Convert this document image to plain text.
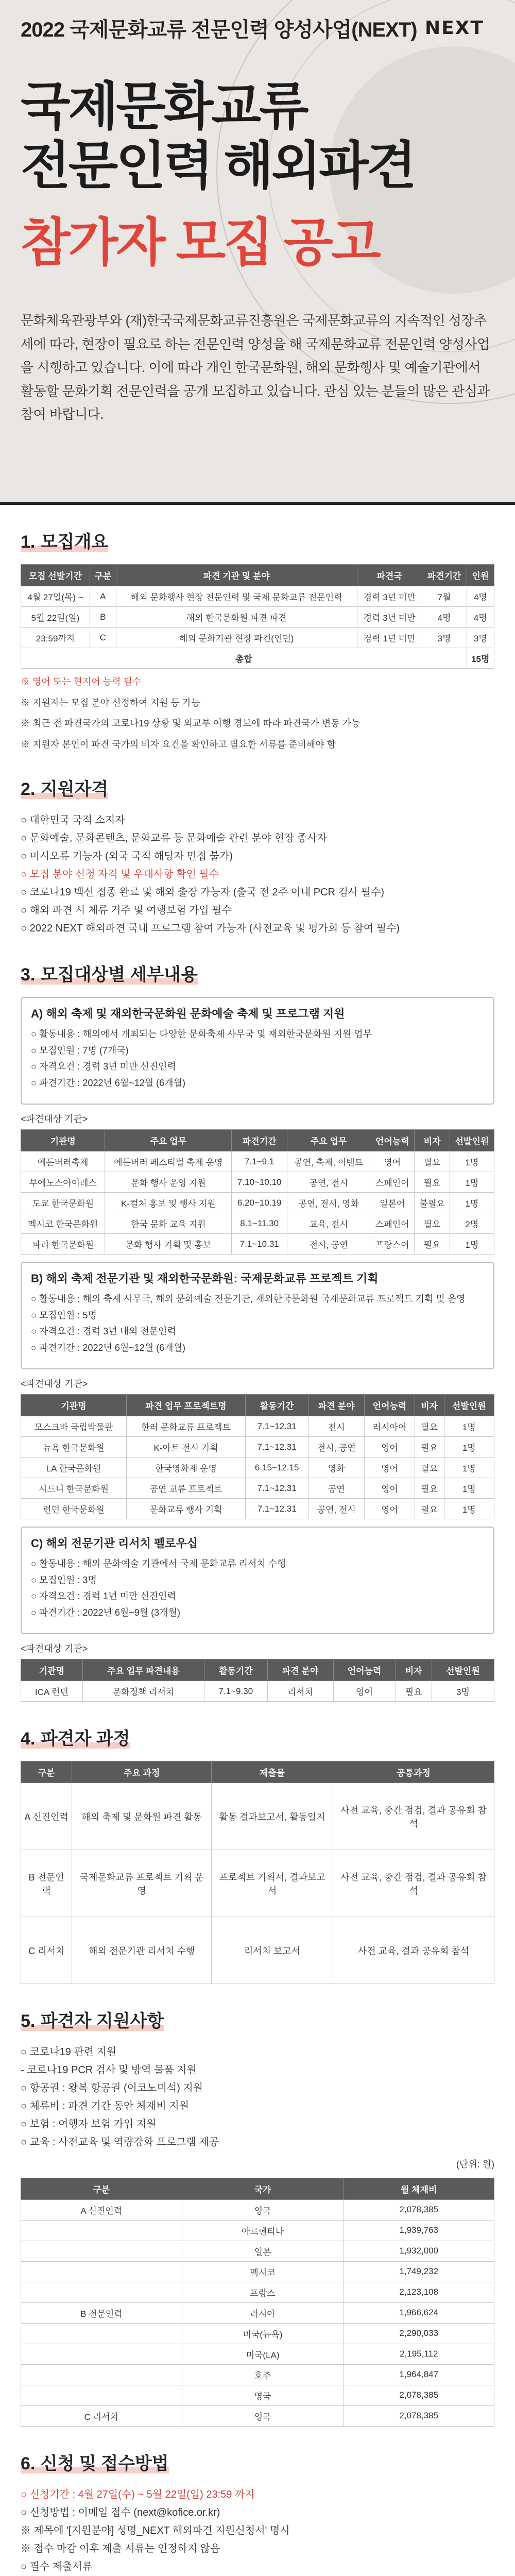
2022 국제문화교류 전문인력 양성사업(NEXT) NEXT
국제문화교류
전문인력 해외파견
참가자 모집 공고
문화체육관광부와 (재)한국국제문화교류진흥원은 국제문화교류의 지속적인 성장추세에 따라, 현장이 필요로 하는 전문인력 양성을 해 국제문화교류 전문인력 양성사업을 시행하고 있습니다. 이에 따라 개인 한국문화원, 해외 문화행사 및 예술기관에서 활동할 문화기획 전문인력을 공개 모집하고 있습니다. 관심 있는 분들의 많은 관심과 참여 바랍니다.
1. 모집개요
모집 선발기간	구분	파견 기관 및 분야	파견국	파견기간	인원
4월 27일(목) ~	A	해외 문화행사 현장 전문인력 및 국제 문화교류 전문인력	경력 3년 미만	7월	4명
5월 22일(일)	B	해외 한국문화원 파견 파견	경력 3년 미만	4명	4명
23:59까지	C	해외 문화기관 현장 파견(인턴)	경력 1년 미만	3명	3명
총합					15명
※ 영어 또는 현지어 능력 필수
※ 지원자는 모집 분야 선정하여 지원 등 가능
※ 최근 전 파견국가의 코로나19 상황 및 외교부 여행 경보에 따라 파견국가 변동 가능
※ 지원자 본인이 파견 국가의 비자 요건을 확인하고 필요한 서류를 준비해야 함
2. 지원자격
○ 대한민국 국적 소지자
○ 문화예술, 문화콘텐츠, 문화교류 등 문화예술 관련 분야 현장 종사자
○ 미시오류 기능자 (외국 국적 해당자 면접 불가)
○ 모집 분야 신청 자격 및 우대사항 확인 필수
○ 코로나19 백신 접종 완료 및 해외 출장 가능자 (출국 전 2주 이내 PCR 검사 필수)
○ 해외 파견 시 체류 거주 및 여행보험 가입 필수
○ 2022 NEXT 해외파견 국내 프로그램 참여 가능자 (사전교육 및 평가회 등 참여 필수)
3. 모집대상별 세부내용
A) 해외 축제 및 재외한국문화원 문화예술 축제 및 프로그램 지원
○ 활동내용 : 해외에서 개최되는 다양한 문화축제 사무국 및 재외한국문화원 지원 업무
○ 모집인원 : 7명 (7개국)
○ 자격요건 : 경력 3년 미만 신진인력
○ 파견기간 : 2022년 6월~12월 (6개월)
<파견대상 기관>
기관명	주요 업무	파견기간	주요 업무	언어능력	비자	선발인원
에든버러축제	에든버러 페스티벌 축제 운영	7.1~9.1	공연, 축제, 이벤트	영어	필요	1명
부에노스아이레스	문화 행사 운영 지원	7.10~10.10	공연, 전시	스페인어	필요	1명
도쿄 한국문화원	K-컬처 홍보 및 행사 지원	6.20~10.19	공연, 전시, 영화	일본어	불필요	1명
멕시코 한국문화원	한국 문화 교육 지원	8.1~11.30	교육, 전시	스페인어	필요	2명
파리 한국문화원	문화 행사 기획 및 홍보	7.1~10.31	전시, 공연	프랑스어	필요	1명
B) 해외 축제 전문기관 및 재외한국문화원: 국제문화교류 프로젝트 기획
○ 활동내용 : 해외 축제 사무국, 해외 문화예술 전문기관, 재외한국문화원 국제문화교류 프로젝트 기획 및 운영
○ 모집인원 : 5명
○ 자격요건 : 경력 3년 내외 전문인력
○ 파견기간 : 2022년 6월~12월 (6개월)
<파견대상 기관>
기관명	파견 업무 프로젝트명	활동기간	파견 분야	언어능력	비자	선발인원
모스크바 국립박물관	한러 문화교류 프로젝트	7.1~12.31	전시	러시아어	필요	1명
뉴욕 한국문화원	K-아트 전시 기획	7.1~12.31	전시, 공연	영어	필요	1명
LA 한국문화원	한국영화제 운영	6.15~12.15	영화	영어	필요	1명
시드니 한국문화원	공연 교류 프로젝트	7.1~12.31	공연	영어	필요	1명
런던 한국문화원	문화교류 행사 기획	7.1~12.31	공연, 전시	영어	필요	1명
C) 해외 전문기관 리서치 펠로우십
○ 활동내용 : 해외 문화예술 기관에서 국제 문화교류 리서치 수행
○ 모집인원 : 3명
○ 자격요건 : 경력 1년 미만 신진인력
○ 파견기간 : 2022년 6월~9월 (3개월)
<파견대상 기관>
기관명	주요 업무 파견내용	활동기간	파견 분야	언어능력	비자	선발인원
ICA 런던	문화정책 리서치	7.1~9.30	리서치	영어	필요	3명
4. 파견자 과정
구분	주요 과정	제출물	공통과정
A 신진인력	해외 축제 및 문화원 파견 활동	활동 결과보고서, 활동일지	사전 교육, 중간 점검, 결과 공유회 참석
B 전문인력	국제문화교류 프로젝트 기획 운영	프로젝트 기획서, 결과보고서	사전 교육, 중간 점검, 결과 공유회 참석
C 리서치	해외 전문기관 리서치 수행	리서치 보고서	사전 교육, 결과 공유회 참석
5. 파견자 지원사항
○ 코로나19 관련 지원
- 코로나19 PCR 검사 및 방역 물품 지원
○ 항공권 : 왕복 항공권 (이코노미석) 지원
○ 체류비 : 파견 기간 동안 체재비 지원
○ 보험 : 여행자 보험 가입 지원
○ 교육 : 사전교육 및 역량강화 프로그램 제공
(단위: 원)
구분	국가	월 체재비
A 신진인력	영국	2,078,385
	아르헨티나	1,939,763
	일본	1,932,000
	멕시코	1,749,232
	프랑스	2,123,108
B 전문인력	러시아	1,966,624
	미국(뉴욕)	2,290,033
	미국(LA)	2,195,112
	호주	1,964,847
	영국	2,078,385
C 리서치	영국	2,078,385
6. 신청 및 접수방법
○ 신청기간 : 4월 27일(수) ~ 5월 22일(일) 23:59 까지
○ 신청방법 : 이메일 접수 (next@kofice.or.kr)
※ 제목에 '[지원분야] 성명_NEXT 해외파견 지원신청서' 명시
※ 접수 마감 이후 제출 서류는 인정하지 않음
○ 필수 제출서류
